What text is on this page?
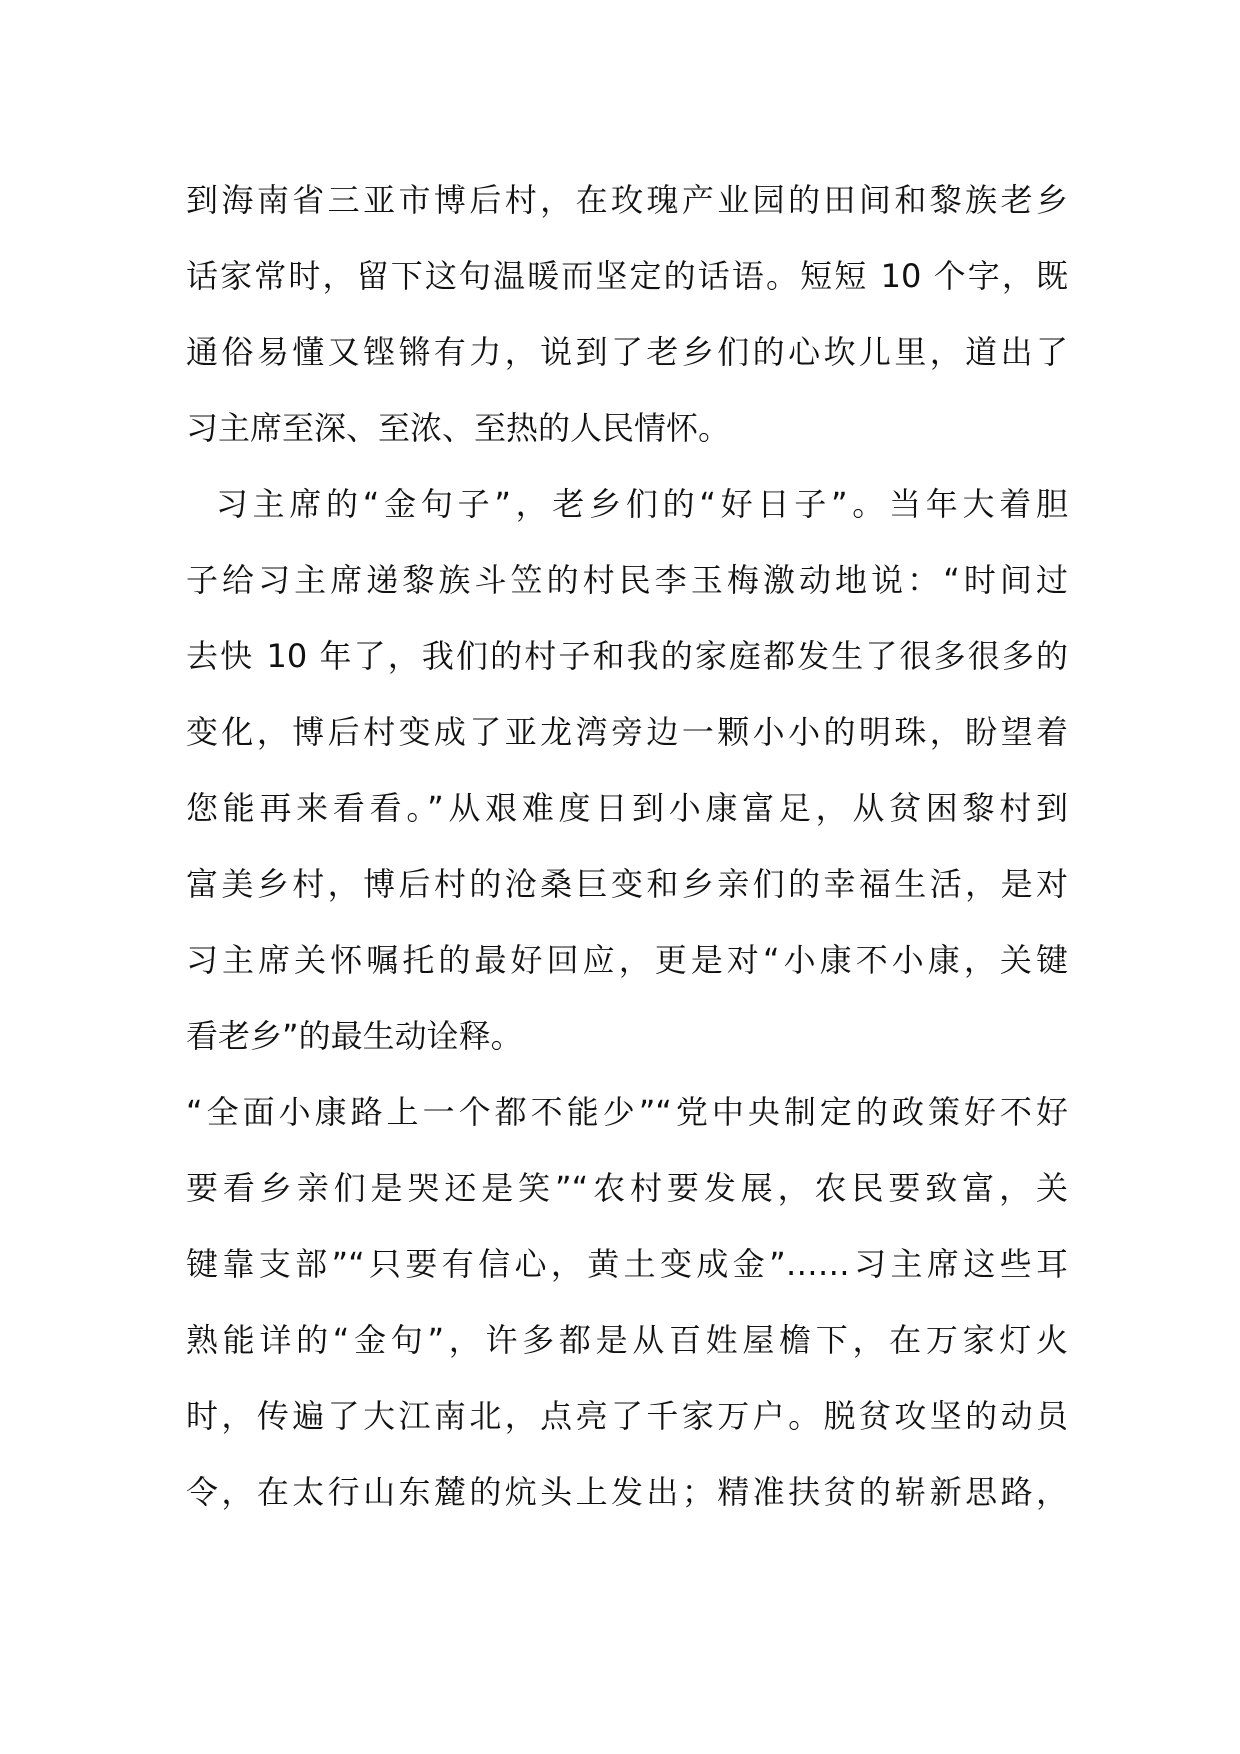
到海南省三亚市博后村，在玫瑰产业园的田间和黎族老乡
话家常时，留下这句温暖而坚定的话语。短短 10 个字，既
通俗易懂又铿锵有力，说到了老乡们的心坎儿里，道出了
习主席至深、至浓、至热的人民情怀。
习主席的“金句子”，老乡们的“好日子”。当年大着胆
子给习主席递黎族斗笠的村民李玉梅激动地说：“时间过
去快 10 年了，我们的村子和我的家庭都发生了很多很多的
变化，博后村变成了亚龙湾旁边一颗小小的明珠，盼望着
您能再来看看。”从艰难度日到小康富足，从贫困黎村到
富美乡村，博后村的沧桑巨变和乡亲们的幸福生活，是对
习主席关怀嘱托的最好回应，更是对“小康不小康，关键
看老乡”的最生动诠释。
“全面小康路上一个都不能少”“党中央制定的政策好不好
要看乡亲们是哭还是笑”“农村要发展，农民要致富，关
键靠支部”“只要有信心，黄土变成金”……习主席这些耳
熟能详的“金句”，许多都是从百姓屋檐下，在万家灯火
时，传遍了大江南北，点亮了千家万户。脱贫攻坚的动员
令，在太行山东麓的炕头上发出；精准扶贫的崭新思路，
